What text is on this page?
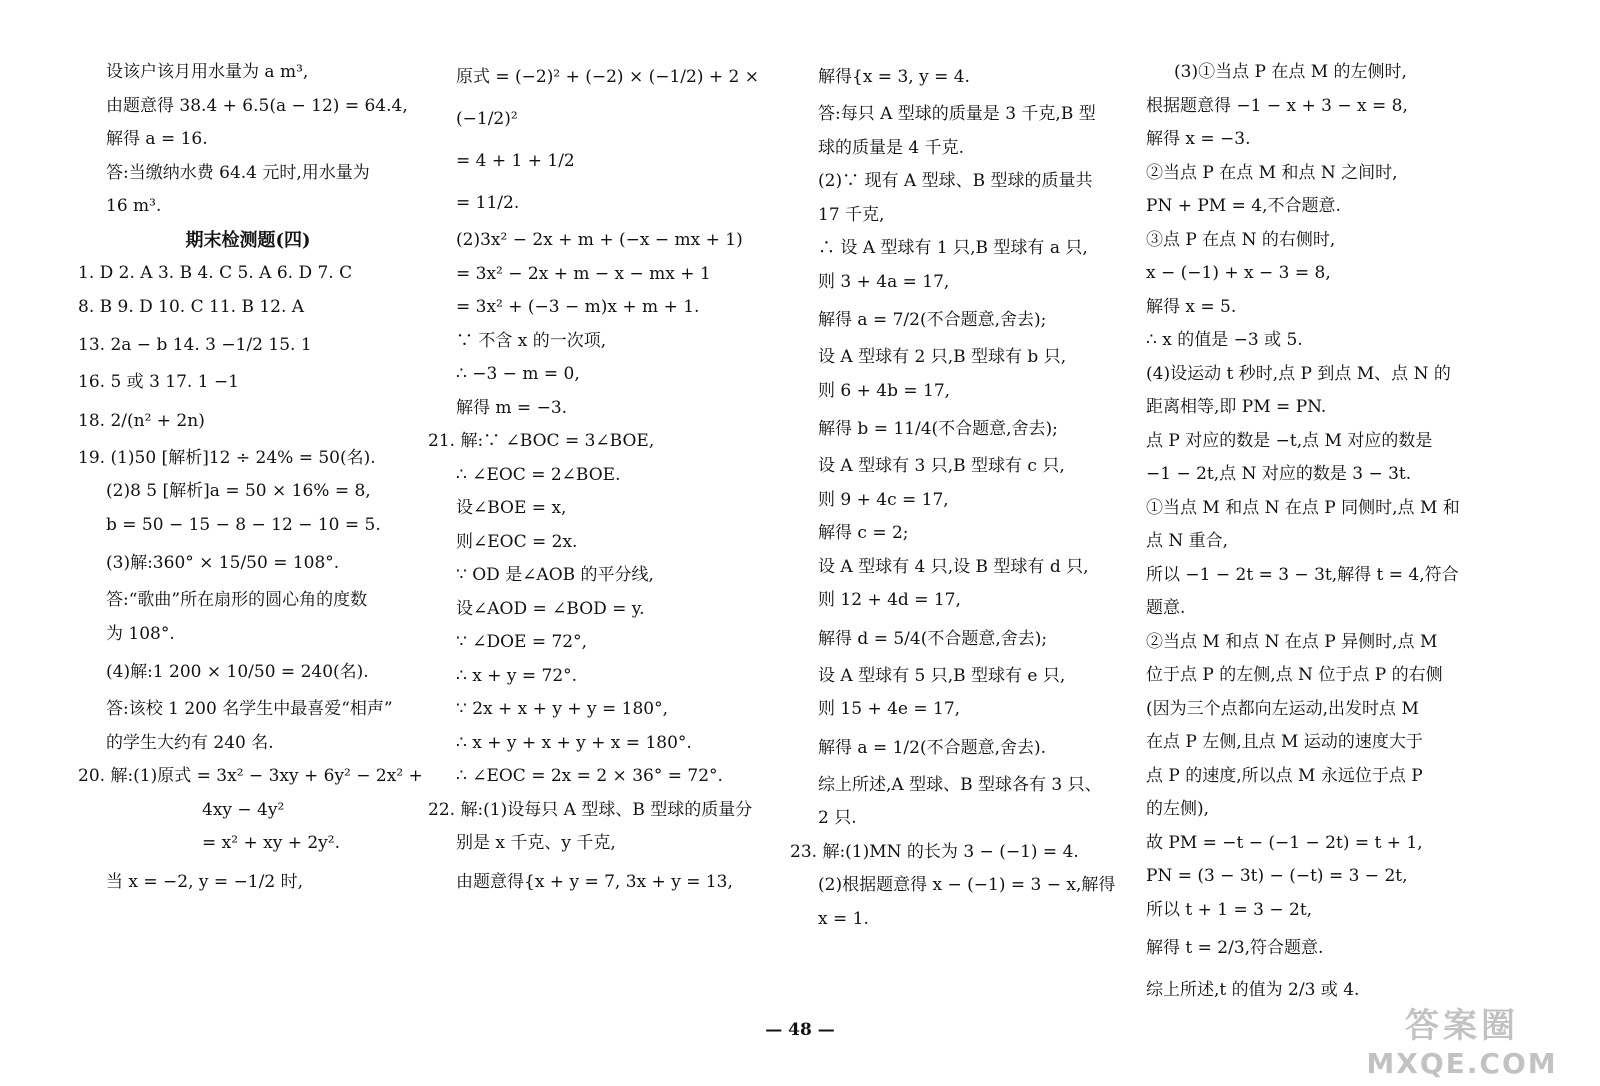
设该户该月用水量为 a m³,
由题意得 38.4 + 6.5(a − 12) = 64.4,
解得 a = 16.
答:当缴纳水费 64.4 元时,用水量为
16 m³.
期末检测题(四)
1. D 2. A 3. B 4. C 5. A 6. D 7. C
8. B 9. D 10. C 11. B 12. A
13. 2a − b 14. 3 −1/2 15. 1
16. 5 或 3 17. 1 −1
18. 2/(n² + 2n)
19. (1)50 [解析]12 ÷ 24% = 50(名).
(2)8 5 [解析]a = 50 × 16% = 8,
b = 50 − 15 − 8 − 12 − 10 = 5.
(3)解:360° × 15/50 = 108°.
答:“歌曲”所在扇形的圆心角的度数
为 108°.
(4)解:1 200 × 10/50 = 240(名).
答:该校 1 200 名学生中最喜爱“相声”
的学生大约有 240 名.
20. 解:(1)原式 = 3x² − 3xy + 6y² − 2x² +
4xy − 4y²
= x² + xy + 2y².
当 x = −2, y = −1/2 时,
原式 = (−2)² + (−2) × (−1/2) + 2 ×
(−1/2)²
= 4 + 1 + 1/2
= 11/2.
(2)3x² − 2x + m + (−x − mx + 1)
= 3x² − 2x + m − x − mx + 1
= 3x² + (−3 − m)x + m + 1.
∵ 不含 x 的一次项,
∴ −3 − m = 0,
解得 m = −3.
21. 解:∵ ∠BOC = 3∠BOE,
∴ ∠EOC = 2∠BOE.
设∠BOE = x,
则∠EOC = 2x.
∵ OD 是∠AOB 的平分线,
设∠AOD = ∠BOD = y.
∵ ∠DOE = 72°,
∴ x + y = 72°.
∵ 2x + x + y + y = 180°,
∴ x + y + x + y + x = 180°.
∴ ∠EOC = 2x = 2 × 36° = 72°.
22. 解:(1)设每只 A 型球、B 型球的质量分
别是 x 千克、y 千克,
由题意得{x + y = 7, 3x + y = 13,
解得{x = 3, y = 4.
答:每只 A 型球的质量是 3 千克,B 型
球的质量是 4 千克.
(2)∵ 现有 A 型球、B 型球的质量共
17 千克,
∴ 设 A 型球有 1 只,B 型球有 a 只,
则 3 + 4a = 17,
解得 a = 7/2(不合题意,舍去);
设 A 型球有 2 只,B 型球有 b 只,
则 6 + 4b = 17,
解得 b = 11/4(不合题意,舍去);
设 A 型球有 3 只,B 型球有 c 只,
则 9 + 4c = 17,
解得 c = 2;
设 A 型球有 4 只,设 B 型球有 d 只,
则 12 + 4d = 17,
解得 d = 5/4(不合题意,舍去);
设 A 型球有 5 只,B 型球有 e 只,
则 15 + 4e = 17,
解得 a = 1/2(不合题意,舍去).
综上所述,A 型球、B 型球各有 3 只、
2 只.
23. 解:(1)MN 的长为 3 − (−1) = 4.
(2)根据题意得 x − (−1) = 3 − x,解得
x = 1.
(3)①当点 P 在点 M 的左侧时,
根据题意得 −1 − x + 3 − x = 8,
解得 x = −3.
②当点 P 在点 M 和点 N 之间时,
PN + PM = 4,不合题意.
③点 P 在点 N 的右侧时,
x − (−1) + x − 3 = 8,
解得 x = 5.
∴ x 的值是 −3 或 5.
(4)设运动 t 秒时,点 P 到点 M、点 N 的
距离相等,即 PM = PN.
点 P 对应的数是 −t,点 M 对应的数是
−1 − 2t,点 N 对应的数是 3 − 3t.
①当点 M 和点 N 在点 P 同侧时,点 M 和
点 N 重合,
所以 −1 − 2t = 3 − 3t,解得 t = 4,符合
题意.
②当点 M 和点 N 在点 P 异侧时,点 M
位于点 P 的左侧,点 N 位于点 P 的右侧
(因为三个点都向左运动,出发时点 M
在点 P 左侧,且点 M 运动的速度大于
点 P 的速度,所以点 M 永远位于点 P
的左侧),
故 PM = −t − (−1 − 2t) = t + 1,
PN = (3 − 3t) − (−t) = 3 − 2t,
所以 t + 1 = 3 − 2t,
解得 t = 2/3,符合题意.
综上所述,t 的值为 2/3 或 4.
— 48 —	答案圈
MXQE.COM
